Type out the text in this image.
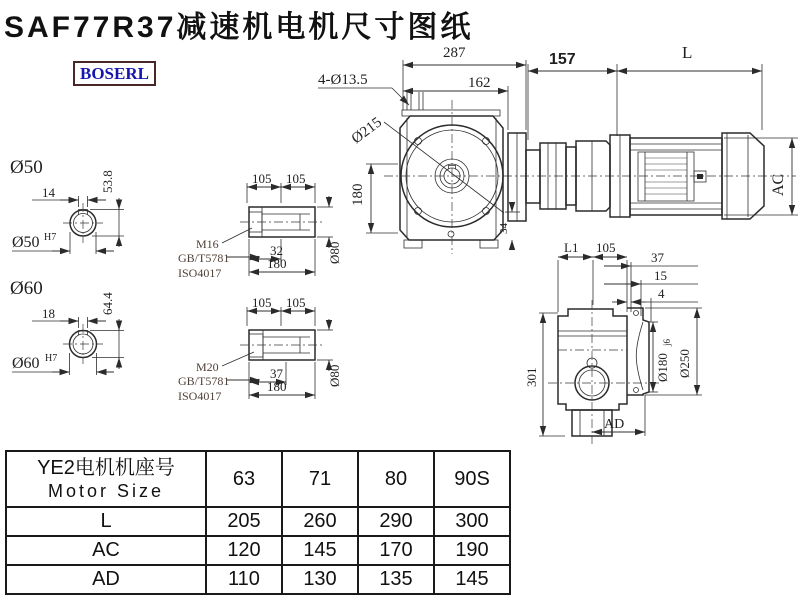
SAF77R37减速机电机尺寸图纸
BOSERL
Ø50
14	53.8
Ø50 H7
Ø60
18	64.4
Ø60 H7
105 105
M16
GB/T5781
ISO4017
32
180	Ø80
105 105
M20
GB/T5781
ISO4017
37
180	Ø80
Ø215
4-Ø13.5
287
162
157	L
180	AC
34
L1 105
37
15
4
Ø180
j6
Ø250
301
AD
YE2电机机座号
Motor Size	63	71	80	90S
L	205	260	290	300
AC	120	145	170	190
AD	110	130	135	145
